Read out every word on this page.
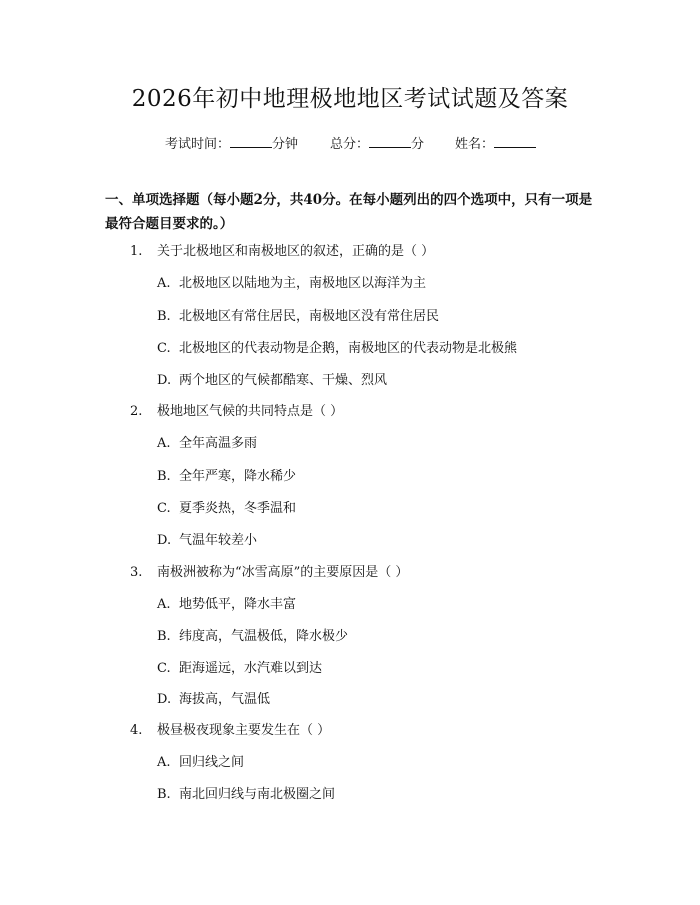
2026年初中地理极地地区考试试题及答案
考试时间：	分钟 总分：	分 姓名：
一、单项选择题（每小题2分，共40分。在每小题列出的四个选项中，只有一项是最符合题目要求的。）
1. 关于北极地区和南极地区的叙述，正确的是（ ）
A. 北极地区以陆地为主，南极地区以海洋为主
B. 北极地区有常住居民，南极地区没有常住居民
C. 北极地区的代表动物是企鹅，南极地区的代表动物是北极熊
D. 两个地区的气候都酷寒、干燥、烈风
2. 极地地区气候的共同特点是（ ）
A. 全年高温多雨
B. 全年严寒，降水稀少
C. 夏季炎热，冬季温和
D. 气温年较差小
3. 南极洲被称为“冰雪高原”的主要原因是（ ）
A. 地势低平，降水丰富
B. 纬度高，气温极低，降水极少
C. 距海遥远，水汽难以到达
D. 海拔高，气温低
4. 极昼极夜现象主要发生在（ ）
A. 回归线之间
B. 南北回归线与南北极圈之间
